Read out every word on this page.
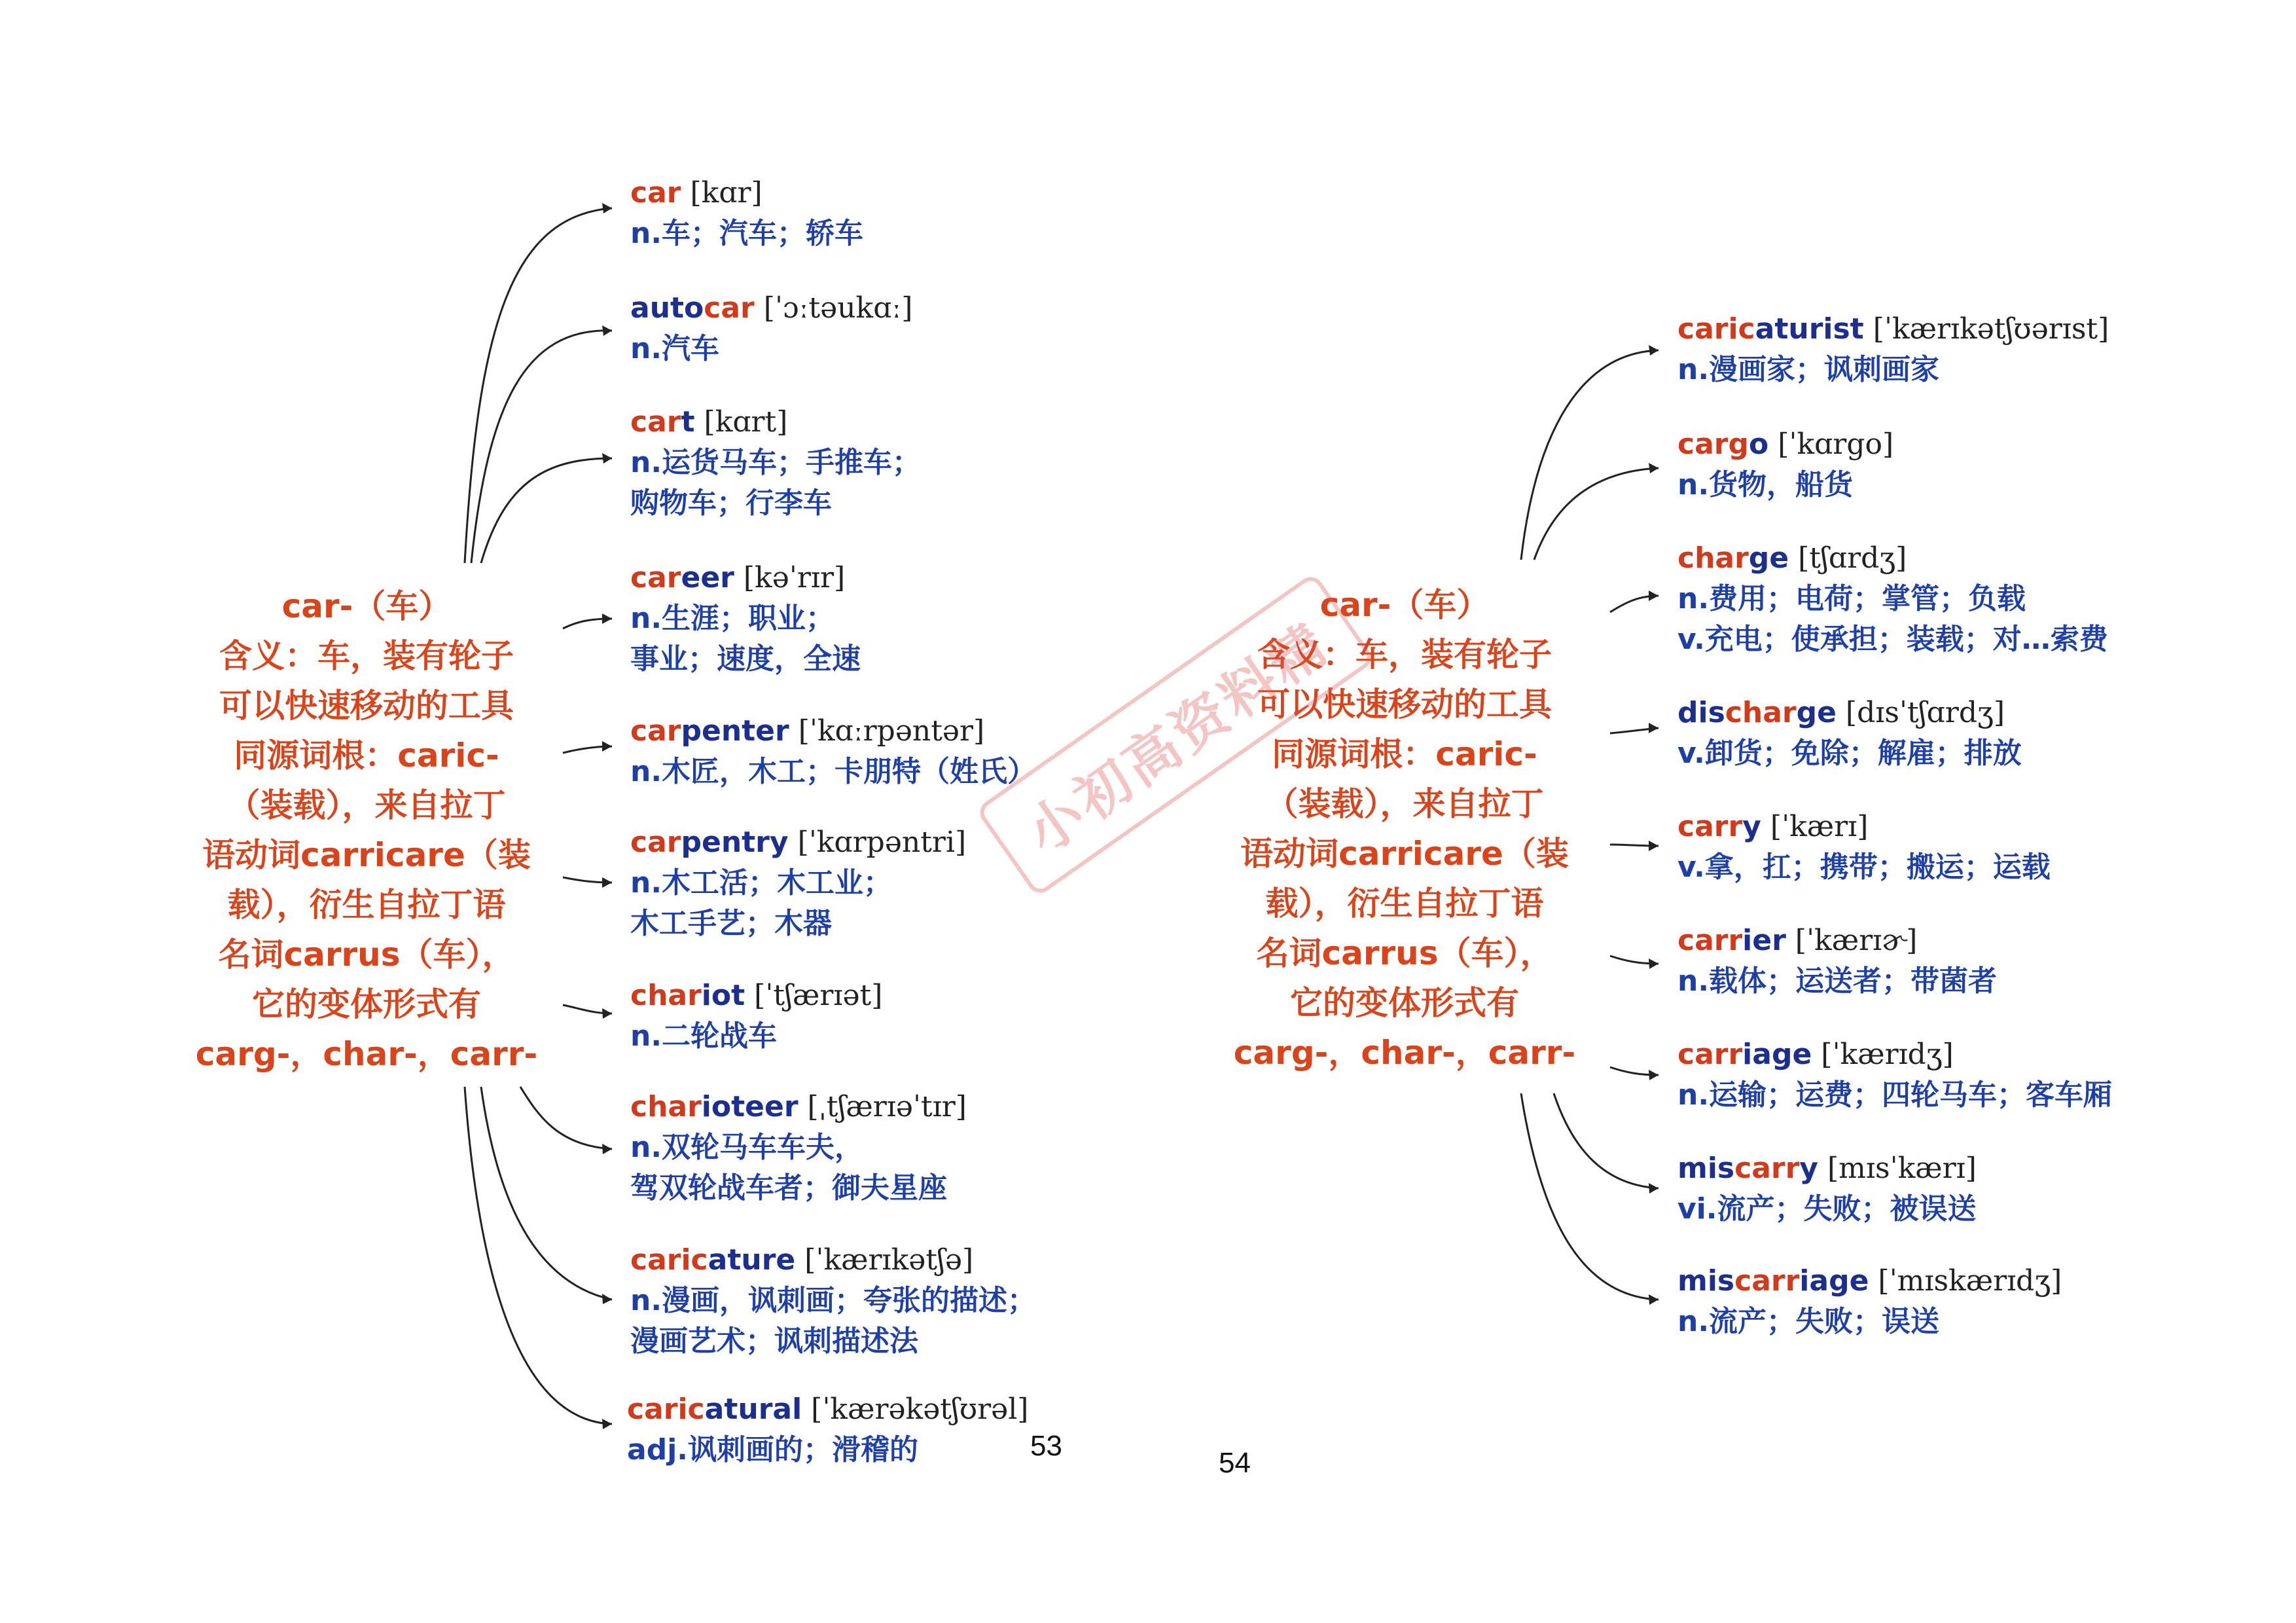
car-（车）
含义：车，装有轮子
可以快速移动的工具
同源词根：caric-
（装载），来自拉丁
语动词carricare（装
载），衍生自拉丁语
名词carrus（车），
它的变体形式有
carg-，char-，carr-
car [kɑr]
n.车；汽车；轿车
autocar [ˈɔːtəukɑː]
n.汽车
cart [kɑrt]
n.运货马车；手推车；
购物车；行李车
career [kəˈrɪr]
n.生涯；职业；
事业；速度，全速
carpenter [ˈkɑːrpəntər]
n.木匠，木工；卡朋特（姓氏）
carpentry [ˈkɑrpəntri]
n.木工活；木工业；
木工手艺；木器
chariot [ˈtʃærɪət]
n.二轮战车
charioteer [ˌtʃærɪəˈtɪr]
n.双轮马车车夫，
驾双轮战车者；御夫星座
caricature [ˈkærɪkətʃə]
n.漫画，讽刺画；夸张的描述；
漫画艺术；讽刺描述法
caricatural [ˈkærəkətʃʊrəl]
adj.讽刺画的；滑稽的	53
car-（车）
含义：车，装有轮子
可以快速移动的工具
同源词根：caric-
（装载），来自拉丁
语动词carricare（装
载），衍生自拉丁语
名词carrus（车），
它的变体形式有
carg-，char-，carr-
caricaturist [ˈkærɪkətʃʊərɪst]
n.漫画家；讽刺画家
cargo [ˈkɑrgo]
n.货物，船货
charge [tʃɑrdʒ]
n.费用；电荷；掌管；负载
v.充电；使承担；装载；对…索费
discharge [dɪsˈtʃɑrdʒ]
v.卸货；免除；解雇；排放
carry [ˈkærɪ]
v.拿，扛；携带；搬运；运载
carrier [ˈkærɪɚ]
n.载体；运送者；带菌者
carriage [ˈkærɪdʒ]
n.运输；运费；四轮马车；客车厢
miscarry [mɪsˈkærɪ]
vi.流产；失败；被误送
miscarriage [ˈmɪskærɪdʒ]
n.流产；失败；误送
54
小初高资料精
